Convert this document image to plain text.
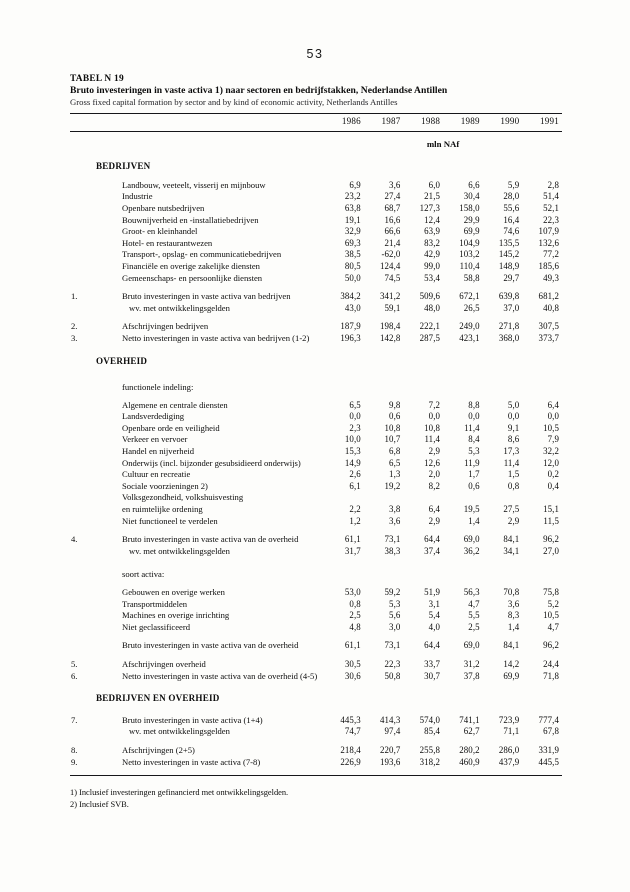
53
TABEL N 19
Bruto investeringen in vaste activa 1) naar sectoren en bedrijfstakken, Nederlandse Antillen
Gross fixed capital formation by sector and by kind of economic activity, Netherlands Antilles

		1986	1987	1988	1989	1990	1991

		mln NAf					
	BEDRIJVEN						

	Landbouw, veeteelt, visserij en mijnbouw	6,9	3,6	6,0	6,6	5,9	2,8
	Industrie	23,2	27,4	21,5	30,4	28,0	51,4
	Openbare nutsbedrijven	63,8	68,7	127,3	158,0	55,6	52,1
	Bouwnijverheid en -installatiebedrijven	19,1	16,6	12,4	29,9	16,4	22,3
	Groot- en kleinhandel	32,9	66,6	63,9	69,9	74,6	107,9
	Hotel- en restaurantwezen	69,3	21,4	83,2	104,9	135,5	132,6
	Transport-, opslag- en communicatiebedrijven	38,5	-62,0	42,9	103,2	145,2	77,2
	Financiële en overige zakelijke diensten	80,5	124,4	99,0	110,4	148,9	185,6
	Gemeenschaps- en persoonlijke diensten	50,0	74,5	53,4	58,8	29,7	49,3

1.	Bruto investeringen in vaste activa van bedrijven	384,2	341,2	509,6	672,1	639,8	681,2
	wv. met ontwikkelingsgelden	43,0	59,1	48,0	26,5	37,0	40,8

2.	Afschrijvingen bedrijven	187,9	198,4	222,1	249,0	271,8	307,5
3.	Netto investeringen in vaste activa van bedrijven (1-2)	196,3	142,8	287,5	423,1	368,0	373,7

	OVERHEID						

	functionele indeling:						

	Algemene en centrale diensten	6,5	9,8	7,2	8,8	5,0	6,4
	Landsverdediging	0,0	0,6	0,0	0,0	0,0	0,0
	Openbare orde en veiligheid	2,3	10,8	10,8	11,4	9,1	10,5
	Verkeer en vervoer	10,0	10,7	11,4	8,4	8,6	7,9
	Handel en nijverheid	15,3	6,8	2,9	5,3	17,3	32,2
	Onderwijs (incl. bijzonder gesubsidieerd onderwijs)	14,9	6,5	12,6	11,9	11,4	12,0
	Cultuur en recreatie	2,6	1,3	2,0	1,7	1,5	0,2
	Sociale voorzieningen 2)	6,1	19,2	8,2	0,6	0,8	0,4
	Volksgezondheid, volkshuisvesting						
	en ruimtelijke ordening	2,2	3,8	6,4	19,5	27,5	15,1
	Niet functioneel te verdelen	1,2	3,6	2,9	1,4	2,9	11,5

4.	Bruto investeringen in vaste activa van de overheid	61,1	73,1	64,4	69,0	84,1	96,2
	wv. met ontwikkelingsgelden	31,7	38,3	37,4	36,2	34,1	27,0

	soort activa:						

	Gebouwen en overige werken	53,0	59,2	51,9	56,3	70,8	75,8
	Transportmiddelen	0,8	5,3	3,1	4,7	3,6	5,2
	Machines en overige inrichting	2,5	5,6	5,4	5,5	8,3	10,5
	Niet geclassificeerd	4,8	3,0	4,0	2,5	1,4	4,7

	Bruto investeringen in vaste activa van de overheid	61,1	73,1	64,4	69,0	84,1	96,2

5.	Afschrijvingen overheid	30,5	22,3	33,7	31,2	14,2	24,4
6.	Netto investeringen in vaste activa van de overheid (4-5)	30,6	50,8	30,7	37,8	69,9	71,8

	BEDRIJVEN EN OVERHEID						

7.	Bruto investeringen in vaste activa (1+4)	445,3	414,3	574,0	741,1	723,9	777,4
	wv. met ontwikkelingsgelden	74,7	97,4	85,4	62,7	71,1	67,8

8.	Afschrijvingen (2+5)	218,4	220,7	255,8	280,2	286,0	331,9
9.	Netto investeringen in vaste activa (7-8)	226,9	193,6	318,2	460,9	437,9	445,5

1) Inclusief investeringen gefinancierd met ontwikkelingsgelden.
2) Inclusief SVB.
